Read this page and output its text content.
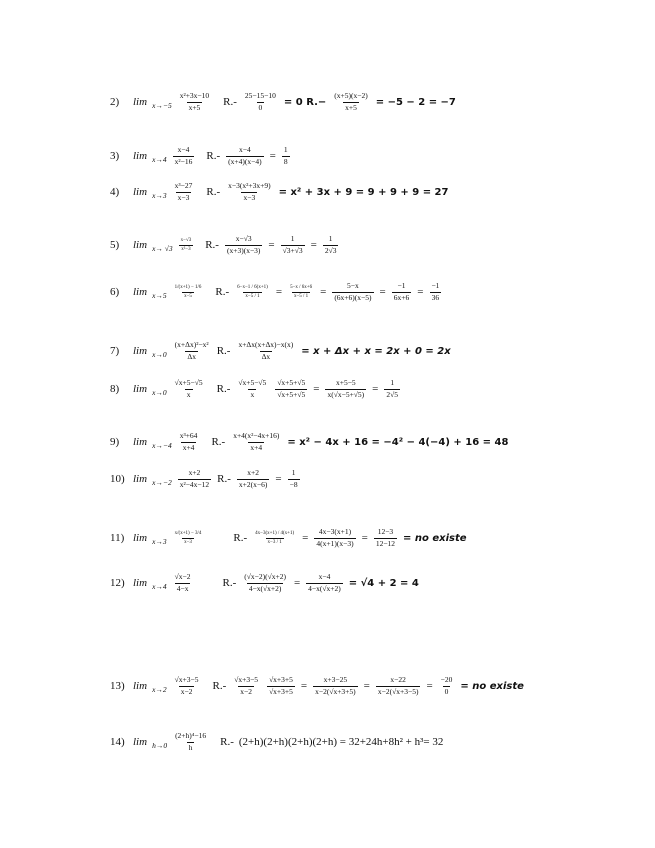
2)	$\lim x\to-5 \frac{\text{x²+3x−10}}{x+5} R.- \frac{25-15-10}{0} = 0$ $R.- \frac{(x+5)(x-2)}{x+5} = -5 - 2 = -7$
3)	$\lim x\to 4 \frac{x-4}{\text{x²−16}} R.- \frac{x-4}{(x+4)(x-4)} = \frac{1}{8}$
4)	$\lim x\to 3 \frac{\text{x³−27}}{x-3} R.- \frac{\text{x−3(x²+3x+9)}}{x-3} = x^2 + 3x + 9 = 9 + 9 + 9 = 27$
5)	$\lim x\to √3 \frac{x-√3}{\text{x²−3}} R.- \frac{x-√3}{(x+3)(x-3)} = \frac{1}{√3+√3} = \frac{1}{2√3}$
6)	$\lim x\to 5 \frac{1/(x+1) - 1/6}{x-5} R.- \frac{6-x-1 / 6(x+1)}{x-5 / 1} = \frac{5-x / 6x+6}{x-5 / 1} = \frac{5-x}{(6x+6)(x-5)} = \frac{-1}{6x+6} = \frac{-1}{36}$
7)	$\lim x\to 0 \frac{\text{(x+Δx)²−x²}}{\Delta x} R.- \frac{x+\Delta x(x+\Delta x)-x(x)}{\Delta x} = x + \Delta x + x = 2x + 0 = 2x$
8)	$\lim x\to 0 \frac{√x+5-√5}{x} R.- \frac{√x+5-√5}{x} \frac{√x+5+√5}{√x+5+√5} = \frac{x+5-5}{x(√x-5+√5)} = \frac{1}{2√5}$
9)	$\lim x\to-4 \frac{\text{x³+64}}{x+4} R.- \frac{\text{x+4(x²−4x+16)}}{x+4} = x^2 - 4x + 16 = -4^2 - 4(-4) + 16 = 48$
10) $\lim x\to-2 \frac{x+2}{\text{x²−4x−12}} R.- \frac{x+2}{x+2(x-6)} = \frac{1}{-8}$
11) $\lim x\to 3 \frac{x/(x+1) - 3/4}{x-3}$	$R.- \frac{4x-3(x+1) / 4(x+1)}{x-3 / 1} = \frac{4x-3(x+1)}{4(x+1)(x-3)} = \frac{12-3}{12-12}$ = no existe
12) $\lim x\to 4 \frac{√x-2}{4-x}$	$R.- \frac{(√x-2)(√x+2)}{4-x(√x+2)} = \frac{x-4}{4-x(√x+2)} = √4 + 2 = 4$
13) $\lim x\to 2 \frac{√x+3-5}{x-2} R.- \frac{√x+3-5}{x-2} \frac{√x+3+5}{√x+3+5} = \frac{x+3-25}{x-2(√x+3+5)} = \frac{x-22}{x-2(√x+3-5)} = \frac{-20}{0}$ = no existe
14) $\lim h\to 0 \frac{\text{(2+h)⁴−16}}{h} R.-$ (2+h)(2+h)(2+h)(2+h) = 32+24h+8h² + h³= 32
